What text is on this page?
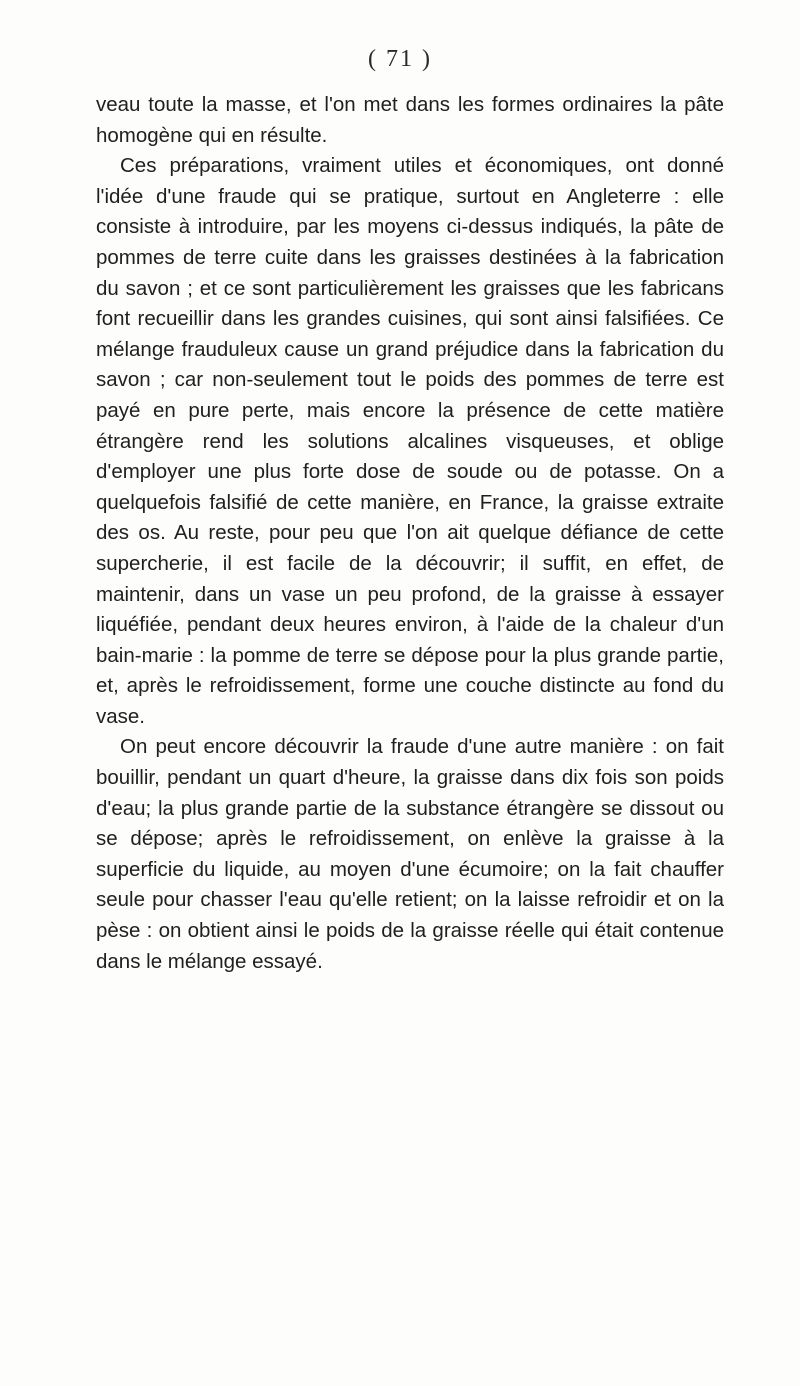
( 71 )

veau toute la masse, et l'on met dans les formes ordinaires la pâte homogène qui en résulte.

Ces préparations, vraiment utiles et économiques, ont donné l'idée d'une fraude qui se pratique, surtout en Angleterre : elle consiste à introduire, par les moyens ci-dessus indiqués, la pâte de pommes de terre cuite dans les graisses destinées à la fabrication du savon ; et ce sont particulièrement les graisses que les fabricans font recueillir dans les grandes cuisines, qui sont ainsi falsifiées. Ce mélange frauduleux cause un grand préjudice dans la fabrication du savon ; car non-seulement tout le poids des pommes de terre est payé en pure perte, mais encore la présence de cette matière étrangère rend les solutions alcalines visqueuses, et oblige d'employer une plus forte dose de soude ou de potasse. On a quelquefois falsifié de cette manière, en France, la graisse extraite des os. Au reste, pour peu que l'on ait quelque défiance de cette supercherie, il est facile de la découvrir; il suffit, en effet, de maintenir, dans un vase un peu profond, de la graisse à essayer liquéfiée, pendant deux heures environ, à l'aide de la chaleur d'un bain-marie : la pomme de terre se dépose pour la plus grande partie, et, après le refroidissement, forme une couche distincte au fond du vase.

On peut encore découvrir la fraude d'une autre manière : on fait bouillir, pendant un quart d'heure, la graisse dans dix fois son poids d'eau; la plus grande partie de la substance étrangère se dissout ou se dépose; après le refroidissement, on enlève la graisse à la superficie du liquide, au moyen d'une écumoire; on la fait chauffer seule pour chasser l'eau qu'elle retient; on la laisse refroidir et on la pèse : on obtient ainsi le poids de la graisse réelle qui était contenue dans le mélange essayé.
